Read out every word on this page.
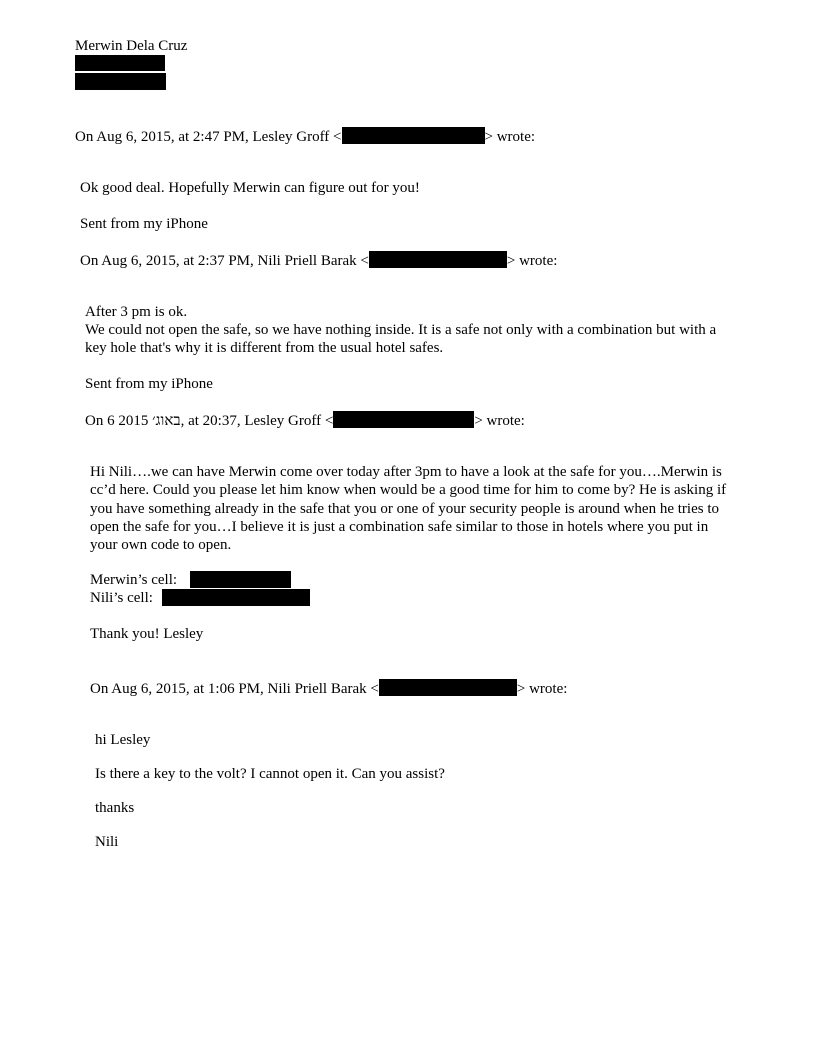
Merwin Dela Cruz
On Aug 6, 2015, at 2:47 PM, Lesley Groff <	> wrote:
Ok good deal. Hopefully Merwin can figure out for you!
Sent from my iPhone
On Aug 6, 2015, at 2:37 PM, Nili Priell Barak <	> wrote:
After 3 pm is ok.
We could not open the safe, so we have nothing inside. It is a safe not only with a combination but with a key hole that's why it is different from the usual hotel safes.
Sent from my iPhone
On 6 2015 באוג׳, at 20:37, Lesley Groff <	> wrote:
Hi Nili….we can have Merwin come over today after 3pm to have a look at the safe for you….Merwin is cc’d here. Could you please let him know when would be a good time for him to come by? He is asking if you have something already in the safe that you or one of your security people is around when he tries to open the safe for you…I believe it is just a combination safe similar to those in hotels where you put in your own code to open.
Merwin’s cell:
Nili’s cell:
Thank you! Lesley
On Aug 6, 2015, at 1:06 PM, Nili Priell Barak <	> wrote:
hi Lesley
Is there a key to the volt? I cannot open it. Can you assist?
thanks
Nili
